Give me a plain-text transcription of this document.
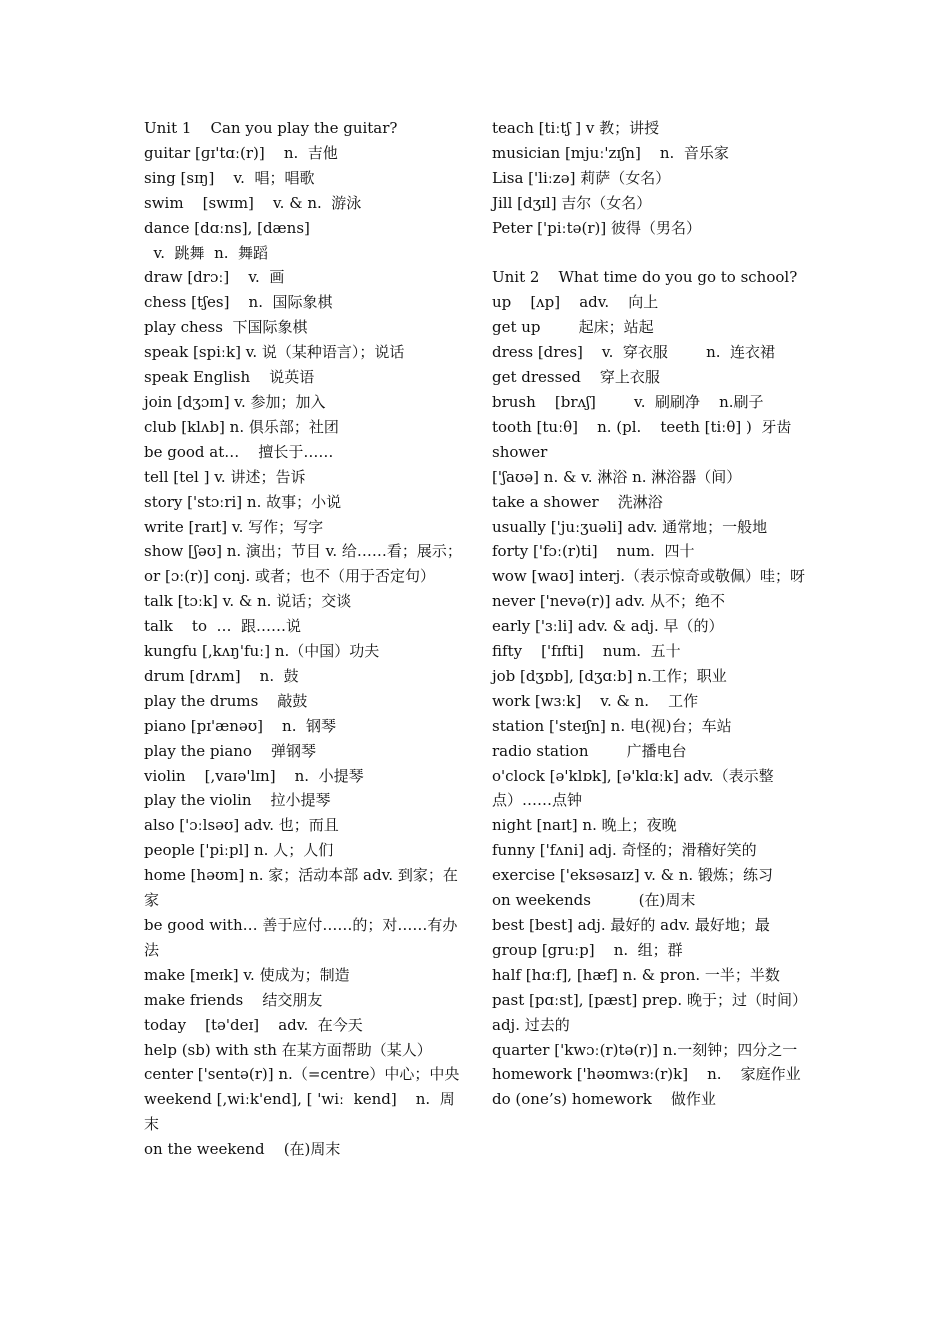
Unit 1    Can you play the guitar?

guitar [ɡɪ'tɑː(r)]    n.  吉他

sing [sɪŋ]    v.  唱；唱歌

swim    [swɪm]    v. & n.  游泳

dance [dɑːns], [dæns]

v.  跳舞  n.  舞蹈

draw [drɔː]    v.  画

chess [tʃes]    n.  国际象棋

play chess  下国际象棋

speak [spiːk] v. 说（某种语言）；说话

speak English    说英语

join [dʒɔɪn] v. 参加；加入

club [klʌb] n. 俱乐部；社团

be good at…    擅长于……

tell [tel ] v. 讲述；告诉

story ['stɔːri] n. 故事；小说

write [raɪt] v. 写作；写字

show [ʃəʊ] n. 演出；节目 v. 给……看；展示；

or [ɔː(r)] conj. 或者；也不（用于否定句）

talk [tɔːk] v. & n. 说话；交谈

talk    to  …  跟……说

kungfu [,kʌŋ'fuː] n.（中国）功夫

drum [drʌm]    n.  鼓

play the drums    敲鼓

piano [pɪ'ænəʊ]    n.  钢琴

play the piano    弹钢琴

violin    [,vaɪə'lɪn]    n.  小提琴

play the violin    拉小提琴

also ['ɔːlsəʊ] adv. 也；而且

people ['piːpl] n. 人；人们

home [həʊm] n. 家；活动本部 adv. 到家；在家

be good with… 善于应付……的；对……有办法

make [meɪk] v. 使成为；制造

make friends    结交朋友

today    [tə'deɪ]    adv.  在今天

help (sb) with sth 在某方面帮助（某人）

center ['sentə(r)] n.（=centre）中心；中央

weekend [,wiːk'end], [ 'wiː  kend]    n.  周末

on the weekend    (在)周末

teach [tiːtʃ ] v 教；讲授

musician [mjuː'zɪʃn]    n.  音乐家

Lisa ['liːzə] 莉萨（女名）

Jill [dʒɪl] 吉尔（女名）

Peter ['piːtə(r)] 彼得（男名）

Unit 2    What time do you go to school?

up    [ʌp]    adv.    向上

get up        起床；站起

dress [dres]    v.  穿衣服        n.  连衣裙

get dressed    穿上衣服

brush    [brʌʃ]        v.  刷刷净    n.刷子

tooth [tuːθ]    n. (pl.    teeth [tiːθ] )  牙齿

shower

['ʃaʊə] n. & v. 淋浴 n. 淋浴器（间）

take a shower    洗淋浴

usually ['juːʒuəli] adv. 通常地；一般地

forty ['fɔː(r)ti]    num.  四十

wow [waʊ] interj.（表示惊奇或敬佩）哇；呀

never ['nevə(r)] adv. 从不；绝不

early ['ɜːli] adv. & adj. 早（的）

fifty    ['fɪfti]    num.  五十

job [dʒɒb], [dʒɑːb] n.工作；职业

work [wɜːk]    v. & n.    工作

station ['steɪʃn] n. 电(视)台；车站

radio station        广播电台

o'clock [ə'klɒk], [ə'klɑːk] adv.（表示整点）……点钟

night [naɪt] n. 晚上；夜晚

funny ['fʌni] adj. 奇怪的；滑稽好笑的

exercise ['eksəsaɪz] v. & n. 锻炼；练习

on weekends          (在)周末

best [best] adj. 最好的 adv. 最好地；最

group [gruːp]    n.  组；群

half [hɑːf], [hæf] n. & pron. 一半；半数

past [pɑːst], [pæst] prep. 晚于；过（时间）adj. 过去的

quarter ['kwɔː(r)tə(r)] n.一刻钟；四分之一

homework ['həʊmwɜː(r)k]    n.    家庭作业

do (one’s) homework    做作业
